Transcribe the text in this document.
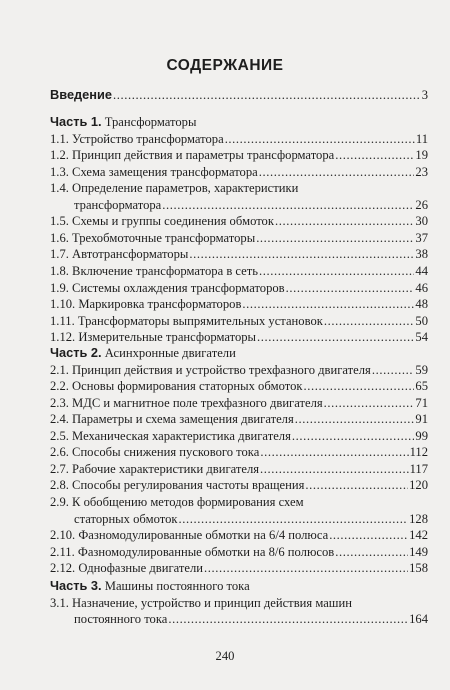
СОДЕРЖАНИЕ
Введение .....	3
Часть 1. Трансформаторы
1.1. Устройство трансформатора .....	11
1.2. Принцип действия и параметры трансформатора .....	19
1.3. Схема замещения трансформатора .....	23
1.4. Определение параметров, характеристики
трансформатора .....	26
1.5. Схемы и группы соединения обмоток .....	30
1.6. Трехобмоточные трансформаторы .....	37
1.7. Автотрансформаторы .....	38
1.8. Включение трансформатора в сеть .....	44
1.9. Системы охлаждения трансформаторов .....	46
1.10. Маркировка трансформаторов .....	48
1.11. Трансформаторы выпрямительных установок .....	50
1.12. Измерительные трансформаторы .....	54
Часть 2. Асинхронные двигатели
2.1. Принцип действия и устройство трехфазного двигателя .....	59
2.2. Основы формирования статорных обмоток .....	65
2.3. МДС и магнитное поле трехфазного двигателя .....	71
2.4. Параметры и схема замещения двигателя .....	91
2.5. Механическая характеристика двигателя .....	99
2.6. Способы снижения пускового тока .....	112
2.7. Рабочие характеристики двигателя .....	117
2.8. Способы регулирования частоты вращения .....	120
2.9. К обобщению методов формирования схем
статорных обмоток .....	128
2.10. Фазномодулированные обмотки на 6/4 полюса .....	142
2.11. Фазномодулированные обмотки на 8/6 полюсов .....	149
2.12. Однофазные двигатели .....	158
Часть 3. Машины постоянного тока
3.1. Назначение, устройство и принцип действия машин
постоянного тока .....	164
240
